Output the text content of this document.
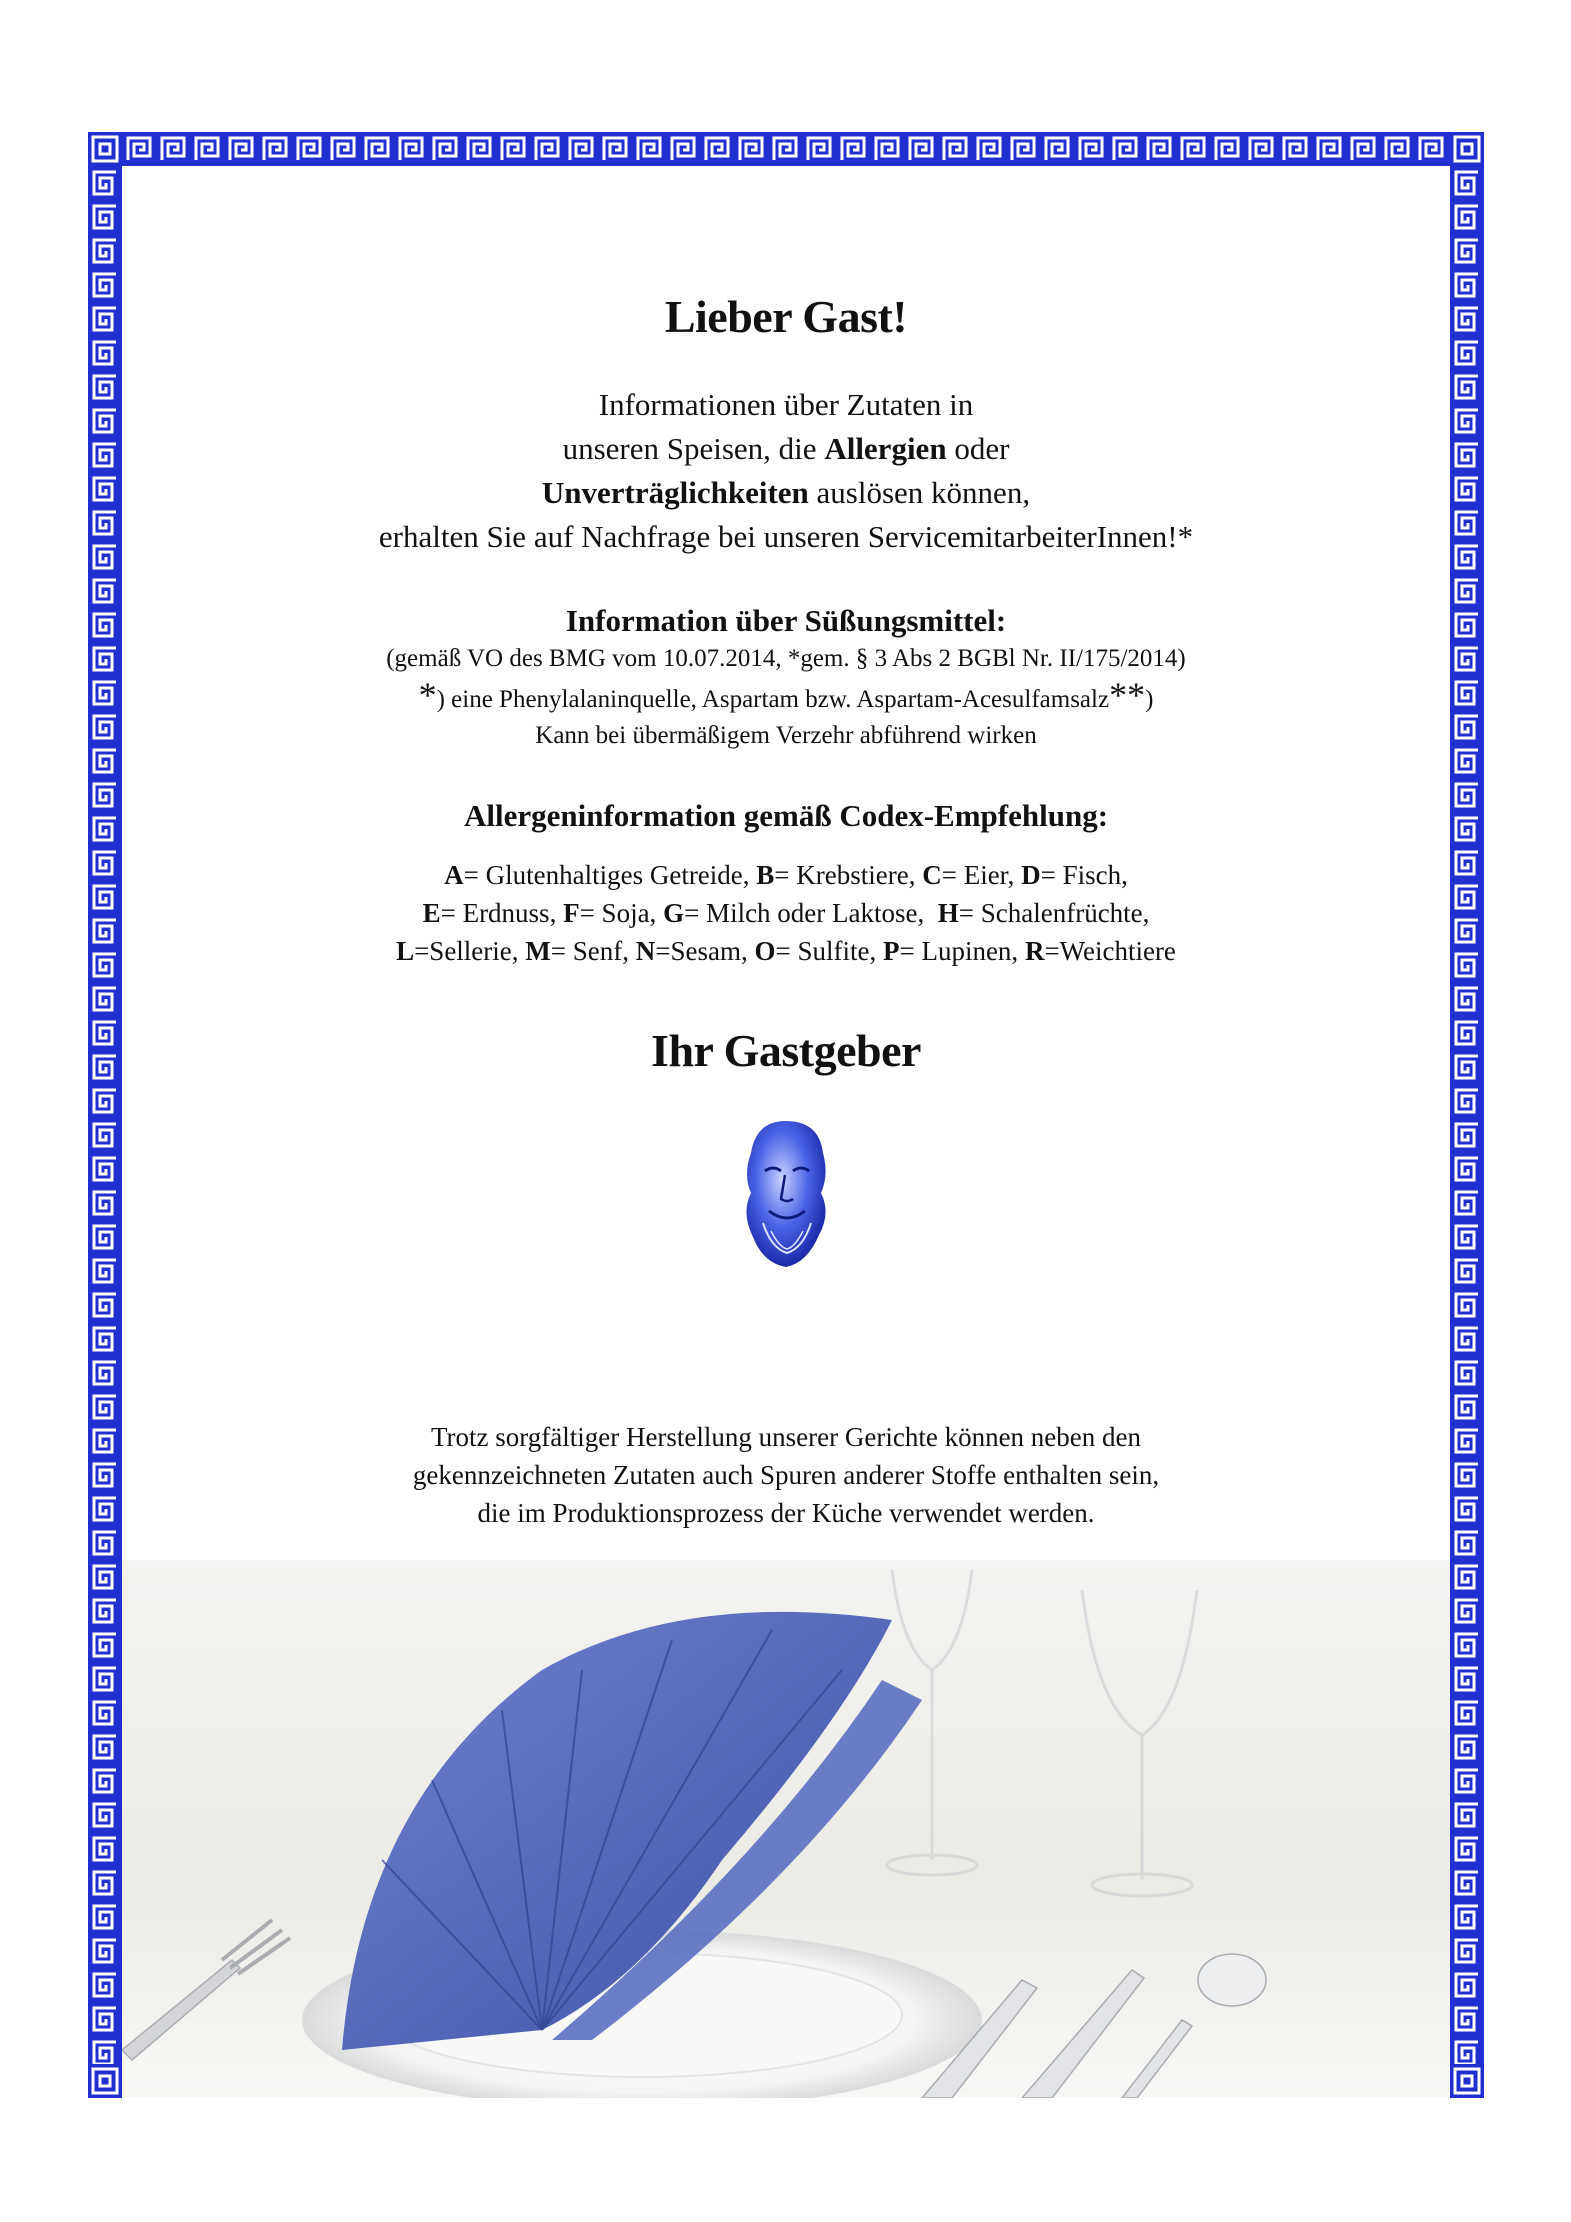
Lieber Gast!
Informationen über Zutaten in
unseren Speisen, die Allergien oder
Unverträglichkeiten auslösen können,
erhalten Sie auf Nachfrage bei unseren ServicemitarbeiterInnen!*
Information über Süßungsmittel:
(gemäß VO des BMG vom 10.07.2014, *gem. § 3 Abs 2 BGBl Nr. II/175/2014)
*) eine Phenylalaninquelle, Aspartam bzw. Aspartam-Acesulfamsalz**)
Kann bei übermäßigem Verzehr abführend wirken
Allergeninformation gemäß Codex-Empfehlung:
A= Glutenhaltiges Getreide, B= Krebstiere, C= Eier, D= Fisch,
E= Erdnuss, F= Soja, G= Milch oder Laktose,  H= Schalenfrüchte,
L=Sellerie, M= Senf, N=Sesam, O= Sulfite, P= Lupinen, R=Weichtiere
Ihr Gastgeber
Trotz sorgfältiger Herstellung unserer Gerichte können neben den
gekennzeichneten Zutaten auch Spuren anderer Stoffe enthalten sein,
die im Produktionsprozess der Küche verwendet werden.
